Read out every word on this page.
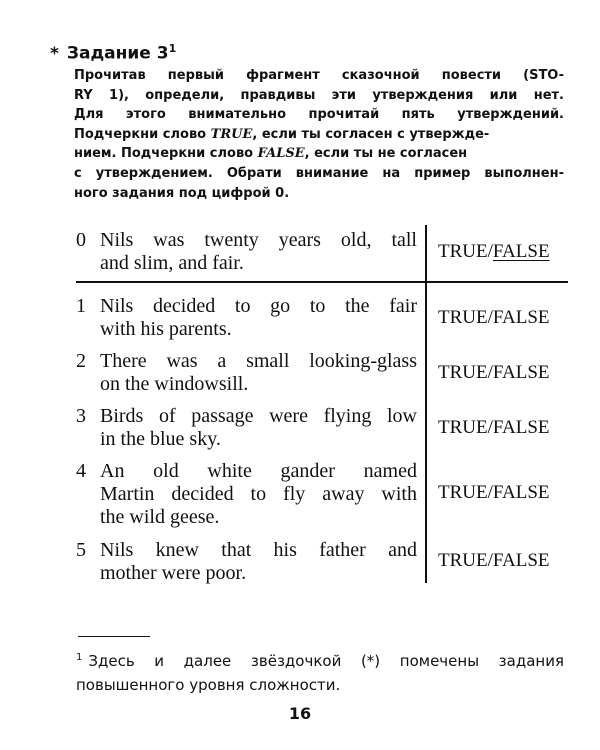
* Задание $3^1$
Прочитав первый фрагмент сказочной повести (STO-
RY 1), определи, правдивы эти утверждения или нет.
Для этого внимательно прочитай пять утверждений.
Подчеркни слово TRUE, если ты согласен с утвержде-
нием. Подчеркни слово FALSE, если ты не согласен
с утверждением. Обрати внимание на пример выполнен-
ного задания под цифрой 0.
0 Nils was twenty years old, tall
and slim, and fair.
TRUE/FALSE
1 Nils decided to go to the fair
with his parents.
TRUE/FALSE
2 There was a small looking-glass
on the windowsill.
TRUE/FALSE
3 Birds of passage were flying low
in the blue sky.
TRUE/FALSE
4 An old white gander named
Martin decided to fly away with
the wild geese.
TRUE/FALSE
5 Nils knew that his father and
mother were poor.
TRUE/FALSE
$^1$ Здесь и далее звёздочкой (*) помечены задания
повышенного уровня сложности.
16
